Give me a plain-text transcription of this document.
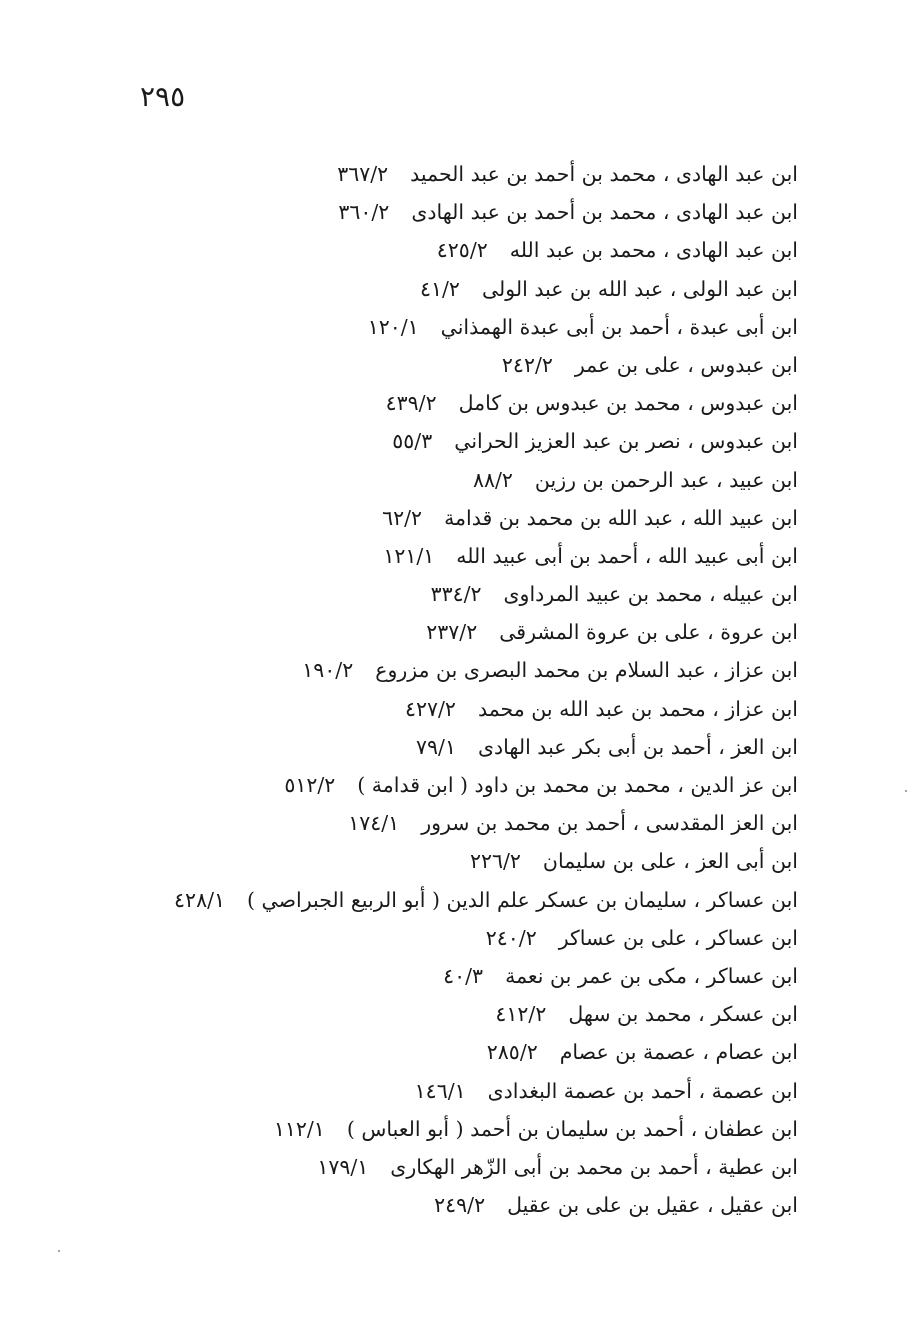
٢٩٥
ابن عبد الهادى ، محمد بن أحمد بن عبد الحميد٣٦٧/٢
ابن عبد الهادى ، محمد بن أحمد بن عبد الهادى٣٦٠/٢
ابن عبد الهادى ، محمد بن عبد الله٤٢٥/٢
ابن عبد الولى ، عبد الله بن عبد الولى٤١/٢
ابن أبى عبدة ، أحمد بن أبى عبدة الهمذاني١٢٠/١
ابن عبدوس ، على بن عمر٢٤٢/٢
ابن عبدوس ، محمد بن عبدوس بن كامل٤٣٩/٢
ابن عبدوس ، نصر بن عبد العزيز الحراني٥٥/٣
ابن عبيد ، عبد الرحمن بن رزين٨٨/٢
ابن عبيد الله ، عبد الله بن محمد بن قدامة٦٢/٢
ابن أبى عبيد الله ، أحمد بن أبى عبيد الله١٢١/١
ابن عبيله ، محمد بن عبيد المرداوى٣٣٤/٢
ابن عروة ، على بن عروة المشرقى٢٣٧/٢
ابن عزاز ، عبد السلام بن محمد البصرى بن مزروع١٩٠/٢
ابن عزاز ، محمد بن عبد الله بن محمد٤٢٧/٢
ابن العز ، أحمد بن أبى بكر عبد الهادى٧٩/١
ابن عز الدين ، محمد بن محمد بن داود ( ابن قدامة )٥١٢/٢
ابن العز المقدسى ، أحمد بن محمد بن سرور١٧٤/١
ابن أبى العز ، على بن سليمان٢٢٦/٢
ابن عساكر ، سليمان بن عسكر علم الدين ( أبو الربيع الجبراصي )٤٢٨/١
ابن عساكر ، على بن عساكر٢٤٠/٢
ابن عساكر ، مكى بن عمر بن نعمة٤٠/٣
ابن عسكر ، محمد بن سهل٤١٢/٢
ابن عصام ، عصمة بن عصام٢٨٥/٢
ابن عصمة ، أحمد بن عصمة البغدادى١٤٦/١
ابن عطفان ، أحمد بن سليمان بن أحمد ( أبو العباس )١١٢/١
ابن عطية ، أحمد بن محمد بن أبى الزّهر الهكارى١٧٩/١
ابن عقيل ، عقيل بن على بن عقيل٢٤٩/٢
